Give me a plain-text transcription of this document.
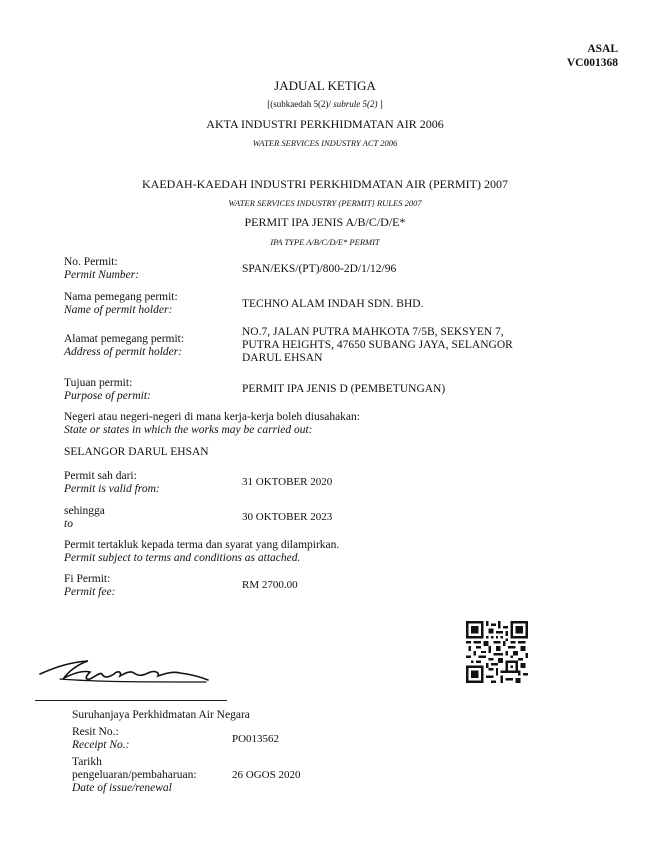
ASAL
VC001368
JADUAL KETIGA
[(subkaedah 5(2)/ subrule 5(2) ]
AKTA INDUSTRI PERKHIDMATAN AIR 2006
WATER SERVICES INDUSTRY ACT 2006
KAEDAH-KAEDAH INDUSTRI PERKHIDMATAN AIR (PERMIT) 2007
WATER SERVICES INDUSTRY (PERMIT} RULES 2007
PERMIT IPA JENIS A/B/C/D/E*
IPA TYPE A/B/C/D/E* PERMIT
No. Permit:
Permit Number:	SPAN/EKS/(PT)/800-2D/1/12/96
Nama pemegang permit:
Name of permit holder:	TECHNO ALAM INDAH SDN. BHD.
Alamat pemegang permit:
Address of permit holder:
NO.7, JALAN PUTRA MAHKOTA 7/5B, SEKSYEN 7,
PUTRA HEIGHTS, 47650 SUBANG JAYA, SELANGOR
DARUL EHSAN
Tujuan permit:
Purpose of permit:
PERMIT IPA JENIS D (PEMBETUNGAN)
Negeri atau negeri-negeri di mana kerja-kerja boleh diusahakan:
State or states in which the works may be carried out:
SELANGOR DARUL EHSAN
Permit sah dari:
Permit is valid from:
31 OKTOBER 2020
sehingga
to
30 OKTOBER 2023
Permit tertakluk kepada terma dan syarat yang dilampirkan.
Permit subject to terms and conditions as attached.
Fi Permit:
Permit fee:
RM 2700.00
Suruhanjaya Perkhidmatan Air Negara
Resit No.:
Receipt No.:	PO013562
Tarikh
pengeluaran/pembaharuan:
Date of issue/renewal
26 OGOS 2020
